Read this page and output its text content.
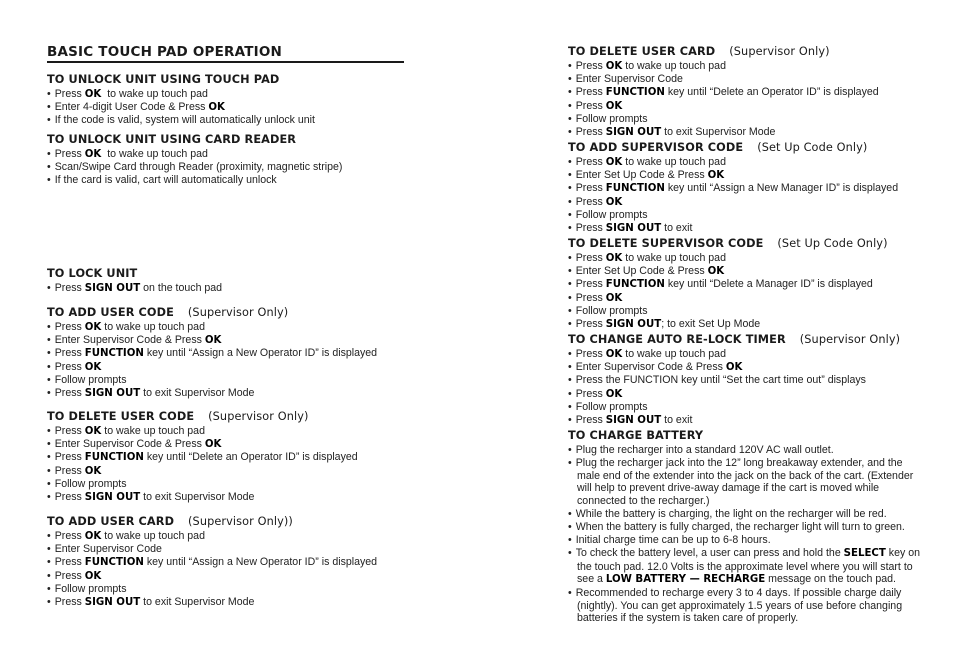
BASIC TOUCH PAD OPERATION
TO UNLOCK UNIT USING TOUCH PAD
• Press OK  to wake up touch pad
• Enter 4-digit User Code & Press OK
• If the code is valid, system will automatically unlock unit
TO UNLOCK UNIT USING CARD READER
• Press OK  to wake up touch pad
• Scan/Swipe Card through Reader (proximity, magnetic stripe)
• If the card is valid, cart will automatically unlock
TO LOCK UNIT
• Press SIGN OUT on the touch pad
TO ADD USER CODE (Supervisor Only)
• Press OK to wake up touch pad
• Enter Supervisor Code & Press OK
• Press FUNCTION key until “Assign a New Operator ID” is displayed
• Press OK
• Follow prompts
• Press SIGN OUT to exit Supervisor Mode
TO DELETE USER CODE (Supervisor Only)
• Press OK to wake up touch pad
• Enter Supervisor Code & Press OK
• Press FUNCTION key until “Delete an Operator ID” is displayed
• Press OK
• Follow prompts
• Press SIGN OUT to exit Supervisor Mode
TO ADD USER CARD (Supervisor Only))
• Press OK to wake up touch pad
• Enter Supervisor Code
• Press FUNCTION key until “Assign a New Operator ID” is displayed
• Press OK
• Follow prompts
• Press SIGN OUT to exit Supervisor Mode
TO DELETE USER CARD (Supervisor Only)
• Press OK to wake up touch pad
• Enter Supervisor Code
• Press FUNCTION key until “Delete an Operator ID” is displayed
• Press OK
• Follow prompts
• Press SIGN OUT to exit Supervisor Mode
TO ADD SUPERVISOR CODE (Set Up Code Only)
• Press OK to wake up touch pad
• Enter Set Up Code & Press OK
• Press FUNCTION key until “Assign a New Manager ID” is displayed
• Press OK
• Follow prompts
• Press SIGN OUT to exit
TO DELETE SUPERVISOR CODE (Set Up Code Only)
• Press OK to wake up touch pad
• Enter Set Up Code & Press OK
• Press FUNCTION key until “Delete a Manager ID” is displayed
• Press OK
• Follow prompts
• Press SIGN OUT; to exit Set Up Mode
TO CHANGE AUTO RE-LOCK TIMER (Supervisor Only)
• Press OK to wake up touch pad
• Enter Supervisor Code & Press OK
• Press the FUNCTION key until “Set the cart time out” displays
• Press OK
• Follow prompts
• Press SIGN OUT to exit
TO CHARGE BATTERY
• Plug the recharger into a standard 120V AC wall outlet.
• Plug the recharger jack into the 12” long breakaway extender, and the
male end of the extender into the jack on the back of the cart. (Extender
will help to prevent drive-away damage if the cart is moved while
connected to the recharger.)
• While the battery is charging, the light on the recharger will be red.
• When the battery is fully charged, the recharger light will turn to green.
• Initial charge time can be up to 6-8 hours.
• To check the battery level, a user can press and hold the SELECT key on
the touch pad. 12.0 Volts is the approximate level where you will start to
see a LOW BATTERY — RECHARGE message on the touch pad.
• Recommended to recharge every 3 to 4 days. If possible charge daily
(nightly). You can get approximately 1.5 years of use before changing
batteries if the system is taken care of properly.
